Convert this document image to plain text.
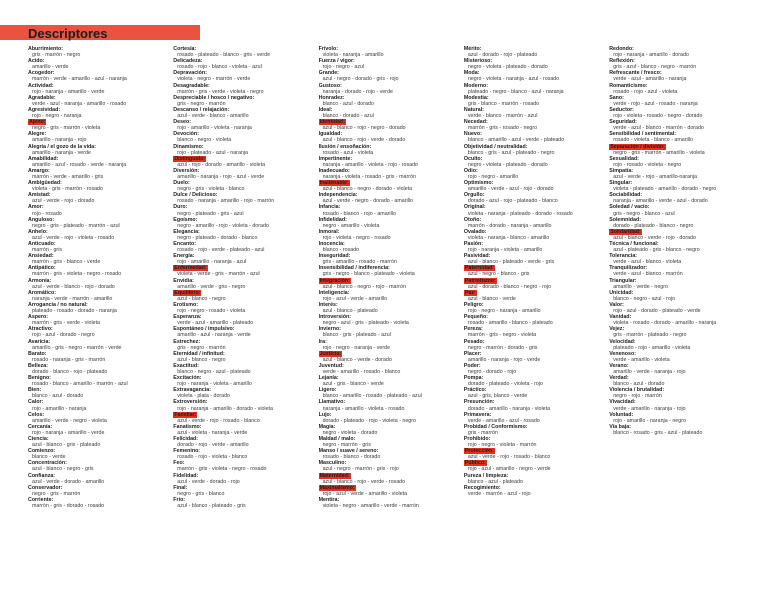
Descriptores
Aburrimiento:
gris - marrón - negro
Ácido:
amarillo - verde
Acogedor:
marrón - verde - amarillo - azul - naranja
Actividad:
rojo - naranja - amarillo - verde
Agradable:
verde - azul - naranja - amarillo - rosado
Agresividad:
rojo - negro - naranja
Ajeno:
negro - gris - marrón - violeta
Alegre:
amarillo - naranja - rojo
Alegría / el gozo de la vida:
amarillo - naranja - verde
Amabilidad:
amarillo - azul - rosado - verde - naranja
Amargo:
marrón - verde - amarillo - gris
Ambigüedad:
violeta - gris - marrón - rosado
Amistad:
azul - verde - rojo - dorado
Amor:
rojo - rosado
Anguloso:
negro - gris - plateado - marrón - azul
Anhelo:
azul - verde - rojo - violeta - rosado
Anticuado:
marrón - gris
Ansiedad:
marrón - gris - blanco - verde
Antipático:
marrón - gris - violeta - negro - rosado
Armonía:
azul - verde - blanco - rojo - dorado
Aromático:
naranja - verde - marrón - amarillo
Arrogancia / no natural:
plateado - rosado - dorado - naranja
Áspero:
marrón - gris - verde - violeta
Atractivo:
rojo - azul - dorado - negro
Avaricia:
amarillo - gris - negro - marrón - verde
Barato:
rosado - naranja - gris - marrón
Belleza:
dorado - blanco - rojo - plateado
Benigno:
rosado - blanco - amarillo - marrón - azul
Bien:
blanco - azul - dorado
Calor:
rojo - amarillo - naranja
Celos:
amarillo - verde - negro - violeta
Cercanía:
rojo - naranja - amarillo - verde
Ciencia:
azul - blanco - gris - plateado
Comienzo:
blanco - verde
Concentración:
azul - blanco - negro - gris
Confianza:
azul - verde - dorado - amarillo
Conservador:
negro - gris - marrón
Corriente:
marrón - gris - dorado - rosado
Cortesía:
rosado - plateado - blanco - gris - verde
Delicadeza:
rosado - rojo - blanco - violeta - azul
Depravación:
violeta - negro - marrón - verde
Desagradable:
marrón - gris - verde - violeta - negro
Despreciable / hosco / negativo:
gris - negro - marrón
Descanso / relajación:
azul - verde - blanco - amarillo
Deseo:
rojo - amarillo - violeta - naranja
Devoción:
blanco - negro - violeta
Dinamismo:
rojo - plateado - azul - naranja
Distinguido:
azul - rojo - dorado - amarillo - violeta
Diversión:
amarillo - naranja - rojo - azul - verde
Duelo:
negro - gris - violeta - blanco
Dulce / Delicioso:
rosado - naranja - amarillo - rojo - marrón
Duro:
negro - plateado - gris - azul
Egoísmo:
negro - amarillo - rojo - violeta - dorado
Elegancia:
negro - plateado - dorado - blanco
Encanto:
rosado - rojo - verde - plateado - azul
Energía:
rojo - amarillo - naranja - azul
Enfermedad:
violeta - verde - gris - marrón - azul
Envidia:
amarillo - verde - gris - negro
Equilibrio:
azul - blanco - negro
Erotismo:
rojo - negro - rosado - violeta
Esperanza:
verde - azul - amarillo - plateado
Espontáneo / impulsivo:
amarillo - azul - naranja - verde
Estrechez:
gris - negro - marrón
Eternidad / infinitud:
azul - blanco - negro
Exactitud:
blanco - negro - azul - plateado
Excitación:
rojo - naranja - violeta - amarillo
Extravagancia:
violeta - plata - dorado
Extroversión:
rojo - naranja - amarillo - dorado - violeta
Familiar:
azul - verde - rojo - rosado - blanco
Fanatismo:
azul - violeta - naranja - verde
Felicidad:
dorado - rojo - verde - amarillo
Femenino:
rosado - rojo - violeta - blanco
Feo:
marrón - gris - violeta - negro - rosado
Fidelidad:
azul - verde - dorado - rojo
Final:
negro - gris - blanco
Frío:
azul - blanco - plateado - gris
Frívolo:
violeta - naranja - amarillo
Fuerza / vigor:
rojo - negro - azul
Grande:
azul - negro - dorado - gris - rojo
Gustoso:
naranja - dorado - rojo - verde
Honradez:
blanco - azul - dorado
Ideal:
blanco - dorado - azul
Identidad:
azul - blanco - rojo - negro - dorado
Igualdad:
azul - blanco - rojo - verde - dorado
Ilusión / ensoñación:
rosado - azul - violeta
Impertinente:
naranja - amarillo - violeta - rojo - rosado
Inadecuado:
naranja - violeta - rosado - gris - marrón
Inaliénable:
azul - blanco - negro - dorado - violeta
Independencia:
azul - verde - negro - dorado - amarillo
Infancia:
rosado - blanco - rojo - amarillo
Infidelidad:
negro - amarillo - violeta
Inmoral:
rojo - violeta - negro - rosado
Inocencia:
blanco - rosado
Inseguridad:
gris - amarillo - rosado - marrón
Insensibilidad / indiferencia:
gris - negro - blanco - plateado - violeta
Integración:
azul - blanco - negro - rojo - marrón
Inteligencia:
rojo - azul - verde - amarillo
Interés:
azul - blanco - plateado
Introversión:
negro - azul - gris - plateado - violeta
Invierno:
blanco - gris - plateado - azul
Ira:
rojo - negro - naranja - verde
Justicia:
azul - blanco - verde - dorado
Juventud:
verde - amarillo - rosado - blanco
Lejanía:
azul - gris - blanco - verde
Ligero:
blanco - amarillo - rosado - plateado - azul
Llamativo:
naranja - amarillo - violeta - rosado
Lujo:
dorado - plateado - rojo - violeta - negro
Magia:
negro - violeta - dorado
Maldad / malo:
negro - marrón - gris
Manso / suave / sereno:
rosado - blanco - dorado
Masculino:
azul - negro - marrón - gris - rojo
Maternidad:
azul - blanco - rojo - verde - rosado
Maximalismo:
rojo - azul - verde - amarillo - violeta
Mentira:
violeta - negro - amarillo - verde - marrón
Mérito:
azul - dorado - rojo - plateado
Misterioso:
negro - violeta - plateado - dorado
Moda:
negro - violeta - naranja - azul - rosado
Moderno:
plateado - negro - blanco - azul - naranja
Modestia:
gris - blanco - marrón - rosado
Natural:
verde - blanco - marrón - azul
Necedad:
marrón - gris - rosado - negro
Nuevo:
blanco - amarillo - azul - verde - plateado
Objetividad / neutralidad:
blanco - gris - azul - plateado - negro
Oculto:
negro - violeta - plateado - dorado
Odio:
rojo - negro - amarillo
Optimismo:
amarillo - verde - azul - rojo - dorado
Orgullo:
dorado - azul - rojo - plateado - blanco
Original:
violeta - naranja - plateado - dorado - rosado
Otoño:
marrón - dorado - naranja - amarillo
Ovalado:
violeta - naranja - blanco - amarillo
Pasión:
rojo - naranja - violeta - amarillo
Pasividad:
azul - blanco - plateado - verde - gris
Paternidad:
azul - negro - blanco - gris
Patriotismo:
azul - dorado - blanco - negro - rojo
Paz:
azul - blanco - verde
Peligro:
rojo - negro - naranja - amarillo
Pequeño:
rosado - amarillo - blanco - plateado
Pereza:
marrón - gris - negro - violeta
Pesado:
negro - marrón - dorado - gris
Placer:
amarillo - naranja - rojo - verde
Poder:
negro - dorado - rojo
Pompa:
dorado - plateado - violeta - rojo
Práctico:
azul - gris, blanco - verde
Presunción:
dorado - amarillo - naranja - violeta
Primavera:
verde - amarillo - azul - rosado
Probidad / Conformismo:
gris - marrón
Prohibido:
rojo - negro - violeta - marrón
Protección:
azul - verde - rojo - rosado - blanco
Público:
rojo - azul - amarillo - negro - verde
Pureza / limpieza:
blanco - azul - plateado
Recogimiento:
verde - marrón - azul - rojo
Redondo:
rojo - naranja - amarillo - dorado
Reflexión:
gris - azul - blanco - negro - marrón
Refrescante / fresco:
verde - azul - amarillo - naranja
Romanticismo:
rosado - rojo - azul - violeta
Sano:
verde - rojo - azul - rosado - naranja
Seductor:
rojo - violeta - rosado - negro - dorado
Seguridad:
verde - azul - blanco - marrón - dorado
Sensibilidad / sentimental:
rosado - violeta - blanco - amarillo
Separación / división:
negro - gris - marrón - amarillo - violeta
Sexualidad:
rojo - rosado - violeta - negro
Simpatía:
azul - verde - rojo - amarillo-naranja
Singular:
violeta - plateado - amarillo - dorado - negro
Sociabilidad:
naranja - amarillo - verde - azul - dorado
Soledad / vacío:
gris - negro - blanco - azul
Solemnidad:
dorado - plateado - blanco - negro
Solidaridad:
azul - blanco - verde - rojo - dorado
Técnica / funcional:
azul - plateado - gris - blanco - negro
Tolerancia:
verde - azul - blanco - violeta
Tranquilizador:
verde - azul - blanco - marrón
Triangular:
amarillo - verde - negro
Unicidad:
blanco - negro - azul - rojo
Valor:
rojo - azul - dorado - plateado - verde
Vanidad:
violeta - rosado - dorado - amarillo - naranja
Vejez:
gris - marrón - plateado - negro
Velocidad:
plateado - rojo - amarillo - violeta
Venenoso:
verde - amarillo - violeta
Verano:
amarillo - verde - naranja - rojo
Verdad:
blanco - azul - dorado
Violencia / brutalidad:
negro - rojo - marrón
Vivacidad:
verde - amarillo - naranja - rojo
Voluntad:
rojo - amarillo - naranja - negro
Vía baja:
blanco - rosado - gris - azul - plateado
